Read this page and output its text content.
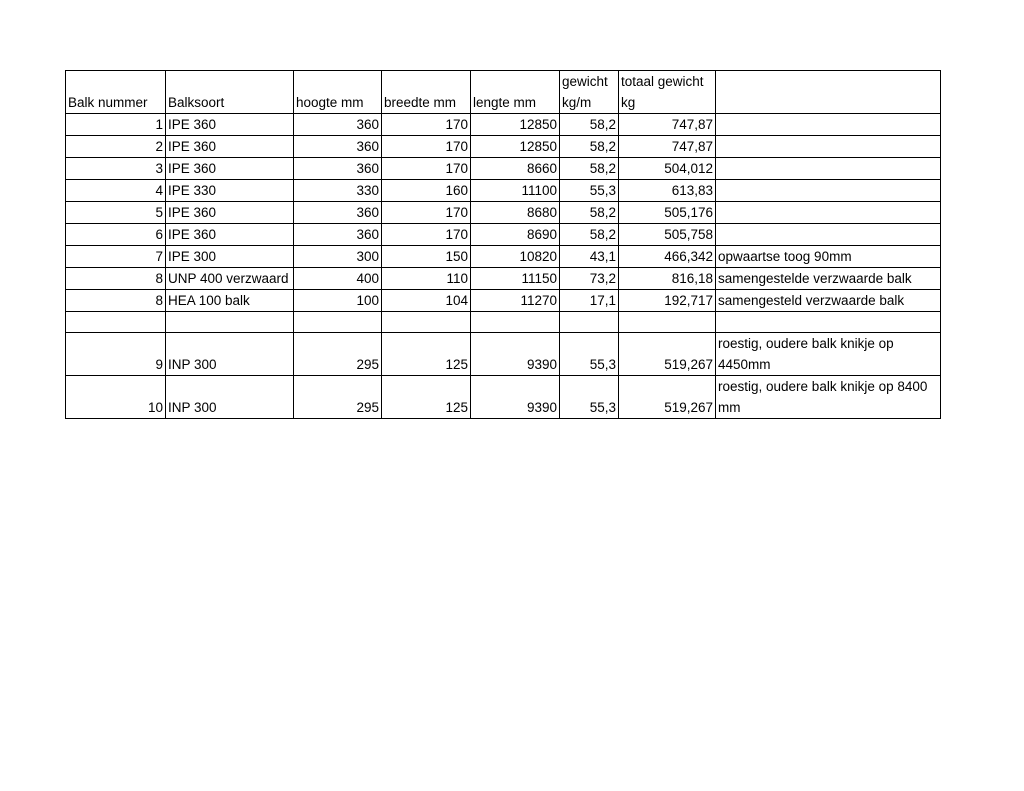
Balk nummer	Balksoort	hoogte mm	breedte mm	lengte mm	gewicht kg/m	totaal gewicht kg	
1	IPE 360	360	170	12850	58,2	747,87	
2	IPE 360	360	170	12850	58,2	747,87	
3	IPE 360	360	170	8660	58,2	504,012	
4	IPE 330	330	160	11100	55,3	613,83	
5	IPE 360	360	170	8680	58,2	505,176	
6	IPE 360	360	170	8690	58,2	505,758	
7	IPE 300	300	150	10820	43,1	466,342	opwaartse toog 90mm
8	UNP 400 verzwaard	400	110	11150	73,2	816,18	samengestelde verzwaarde balk
8	HEA 100 balk	100	104	11270	17,1	192,717	samengesteld verzwaarde balk

9	INP 300	295	125	9390	55,3	519,267	roestig, oudere balk knikje op 4450mm
10	INP 300	295	125	9390	55,3	519,267	roestig, oudere balk knikje op 8400 mm
